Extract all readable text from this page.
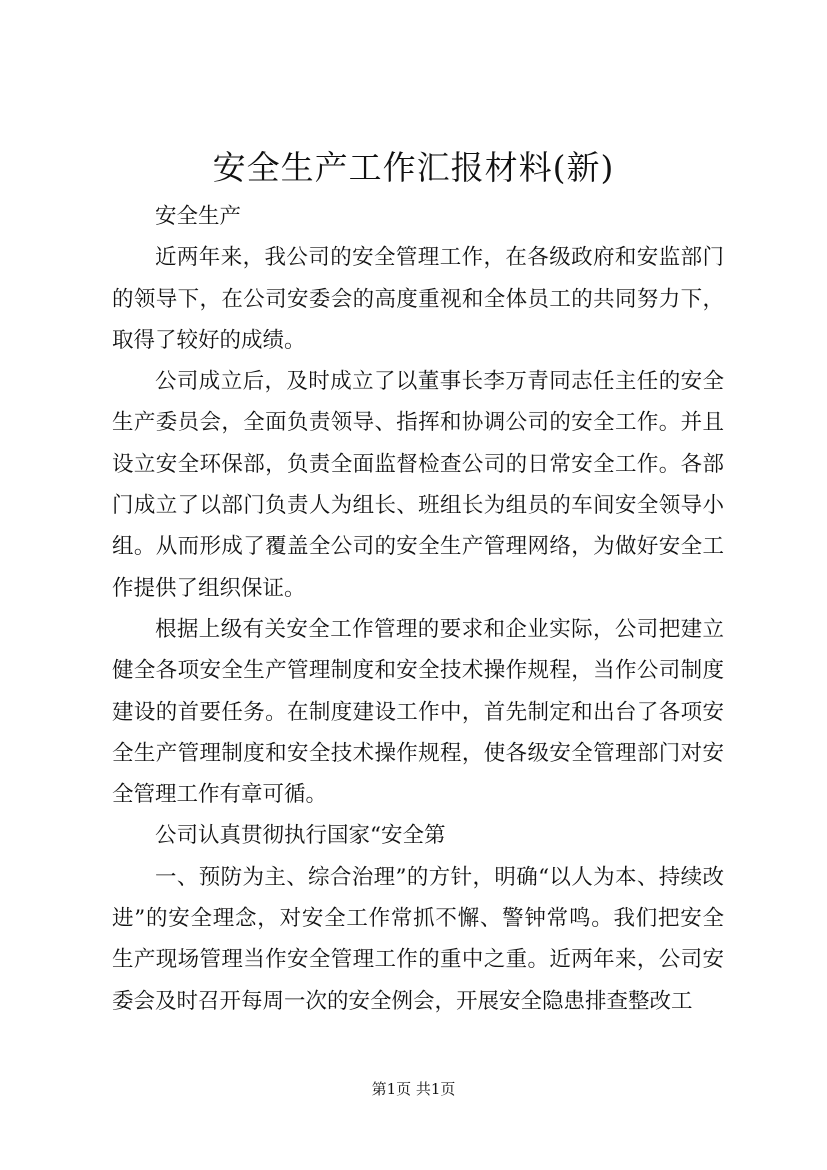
安全生产工作汇报材料(新)

安全生产

近两年来，我公司的安全管理工作，在各级政府和安监部门的领导下，在公司安委会的高度重视和全体员工的共同努力下，取得了较好的成绩。

公司成立后，及时成立了以董事长李万青同志任主任的安全生产委员会，全面负责领导、指挥和协调公司的安全工作。并且设立安全环保部，负责全面监督检查公司的日常安全工作。各部门成立了以部门负责人为组长、班组长为组员的车间安全领导小组。从而形成了覆盖全公司的安全生产管理网络，为做好安全工作提供了组织保证。

根据上级有关安全工作管理的要求和企业实际，公司把建立健全各项安全生产管理制度和安全技术操作规程，当作公司制度建设的首要任务。在制度建设工作中，首先制定和出台了各项安全生产管理制度和安全技术操作规程，使各级安全管理部门对安全管理工作有章可循。

公司认真贯彻执行国家“安全第

一、预防为主、综合治理”的方针，明确“以人为本、持续改进”的安全理念，对安全工作常抓不懈、警钟常鸣。我们把安全生产现场管理当作安全管理工作的重中之重。近两年来，公司安委会及时召开每周一次的安全例会，开展安全隐患排查整改工

第1页 共1页
